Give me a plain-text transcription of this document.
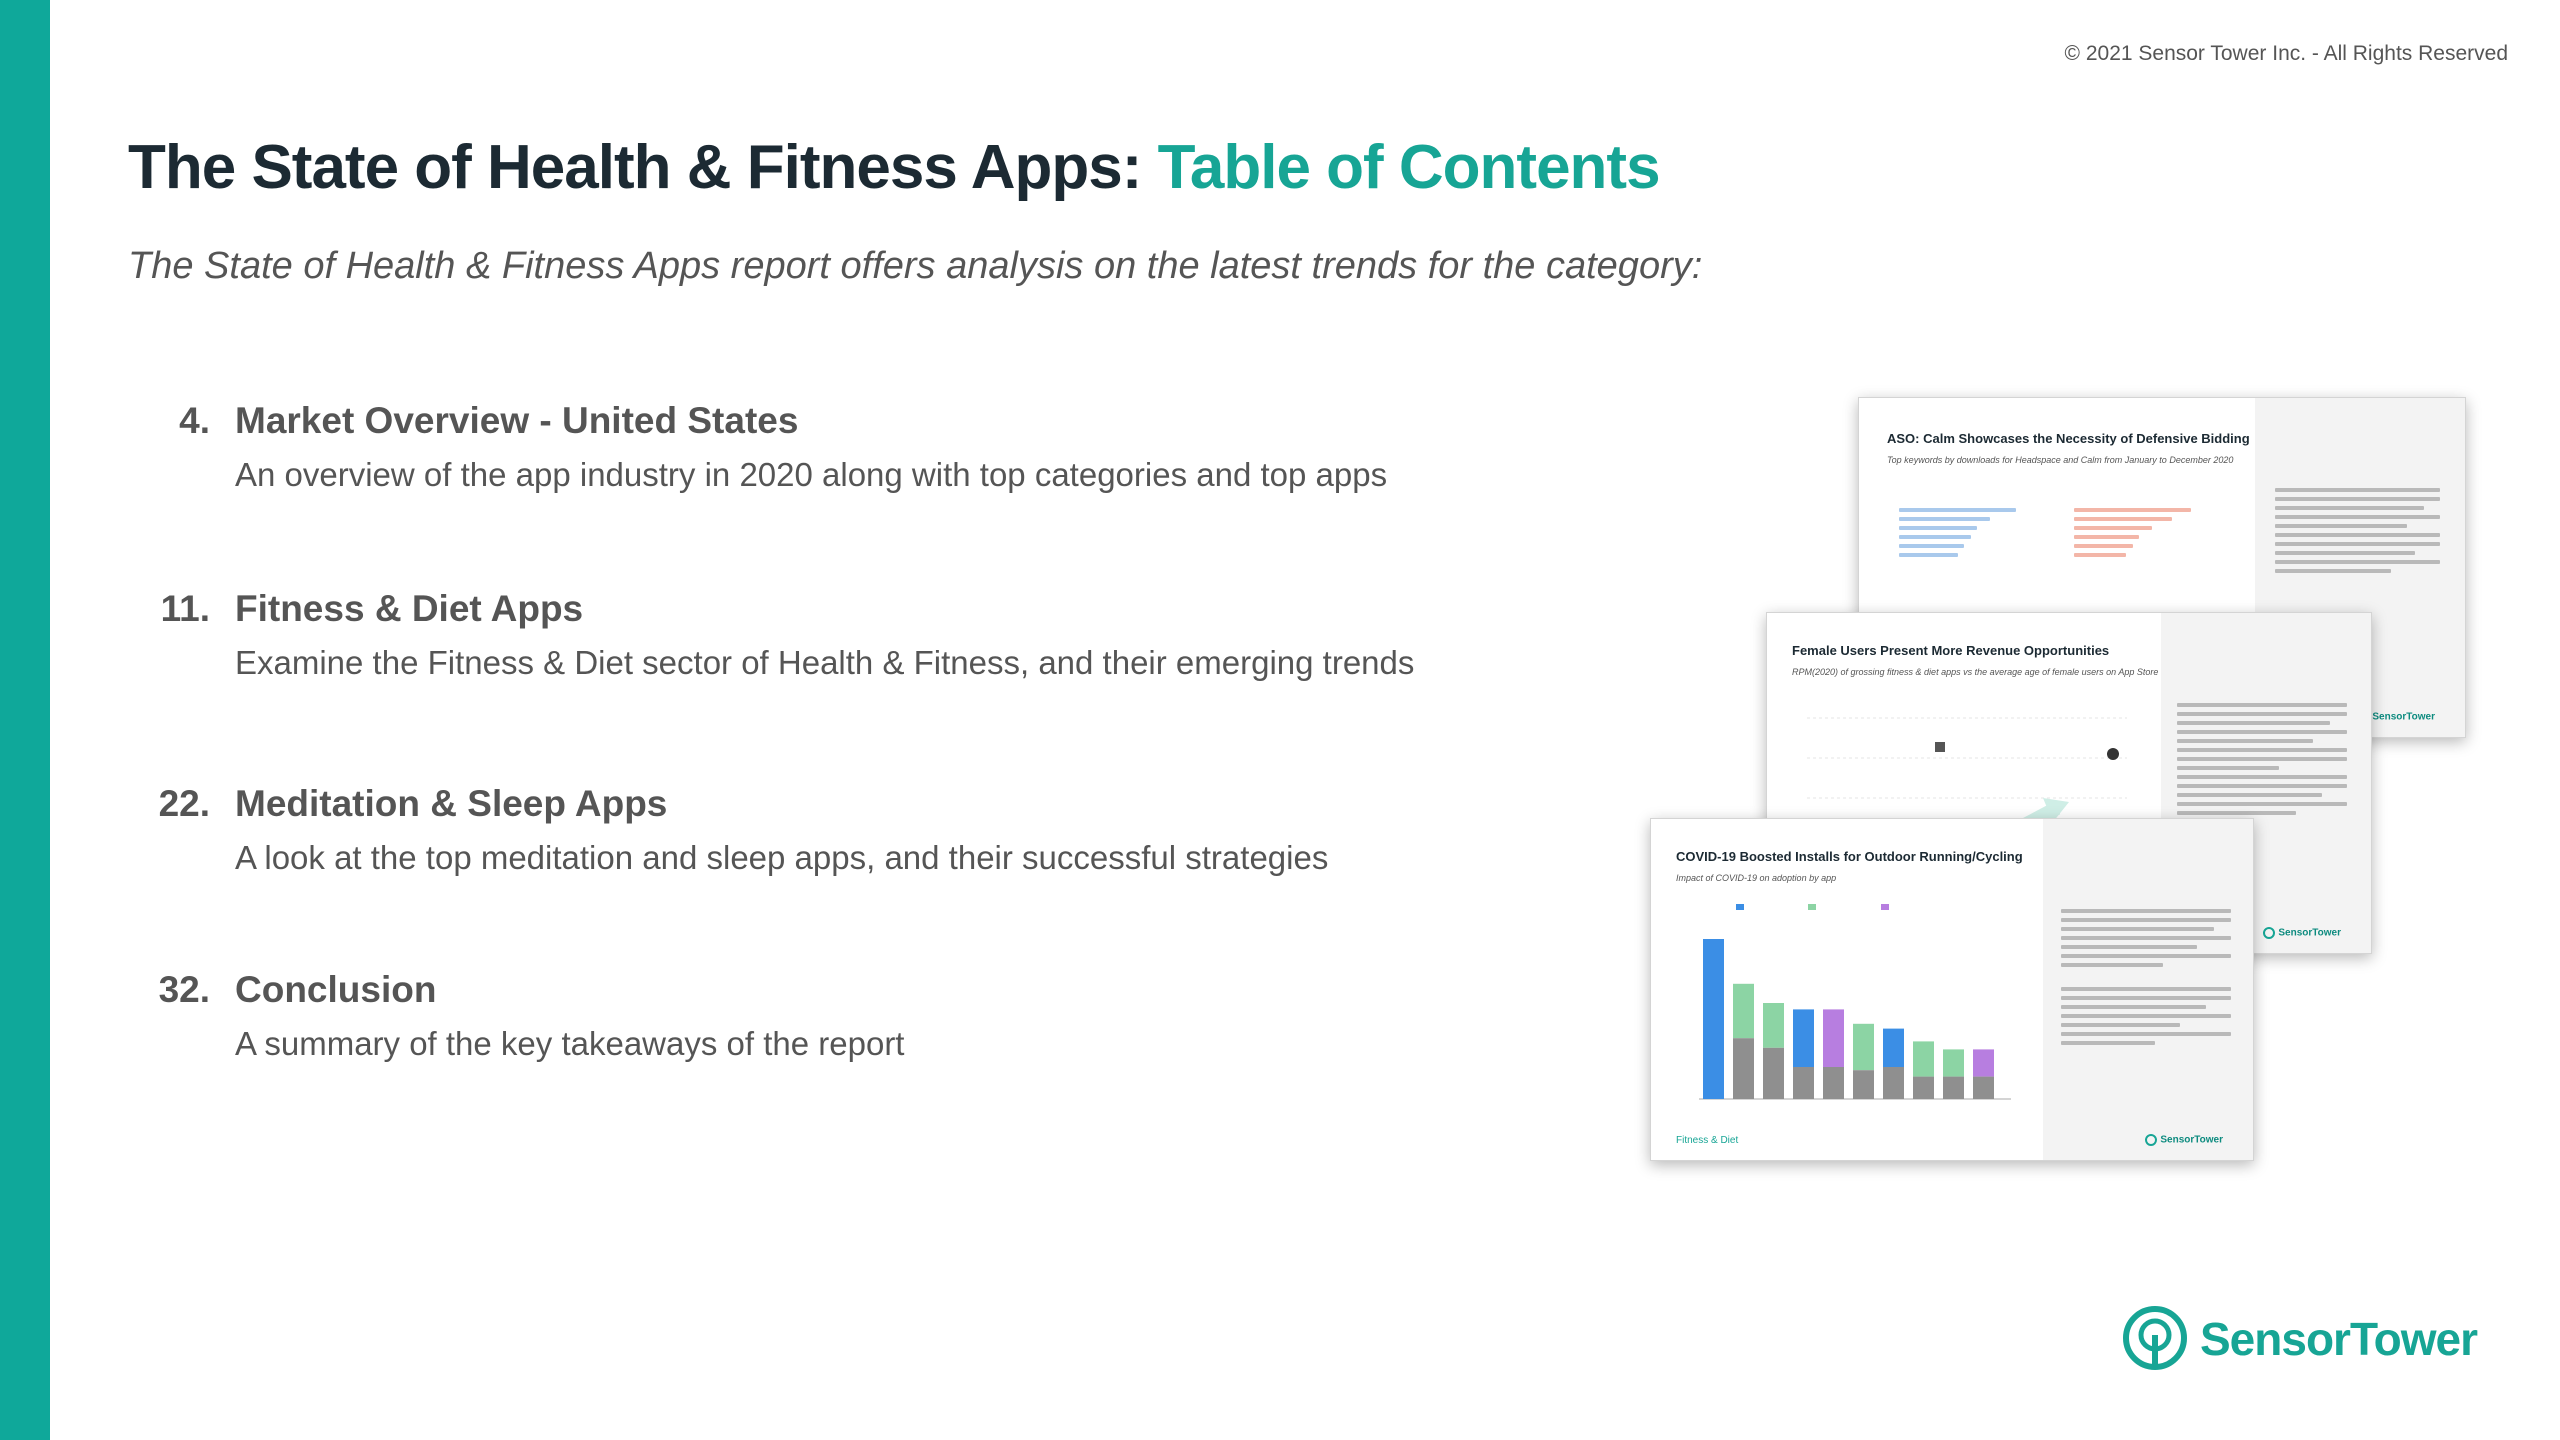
© 2021 Sensor Tower Inc. - All Rights Reserved
The State of Health & Fitness Apps: Table of Contents
The State of Health & Fitness Apps report offers analysis on the latest trends for the category:
4. Market Overview - United States
An overview of the app industry in 2020 along with top categories and top apps
11. Fitness & Diet Apps
Examine the Fitness & Diet sector of Health & Fitness, and their emerging trends
22. Meditation & Sleep Apps
A look at the top meditation and sleep apps, and their successful strategies
32. Conclusion
A summary of the key takeaways of the report
ASO: Calm Showcases the Necessity of Defensive Bidding
Top keywords by downloads for Headspace and Calm from January to December 2020
SensorTower
Female Users Present More Revenue Opportunities
RPM(2020) of grossing fitness & diet apps vs the average age of female users on App Store
SensorTower
COVID-19 Boosted Installs for Outdoor Running/Cycling
Impact of COVID-19 on adoption by app

Fitness & Diet	SensorTower
SensorTower
